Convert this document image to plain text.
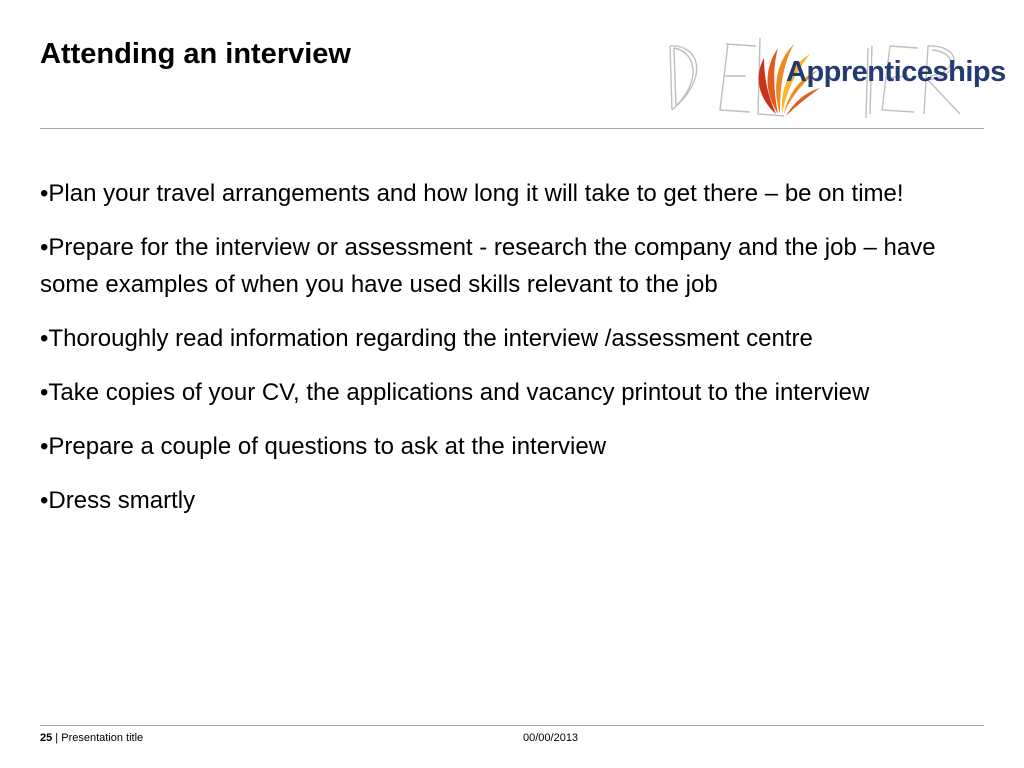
Attending an interview
Apprenticeships
•Plan your travel arrangements and how long it will take to get there – be on time!
•Prepare for the interview or assessment - research the company and the job – have some examples of when you have used skills relevant to the job
•Thoroughly read information regarding the interview /assessment centre
•Take copies of your CV, the applications and vacancy printout to the interview
•Prepare a couple of questions to ask at the interview
•Dress smartly
25 | Presentation title	00/00/2013
